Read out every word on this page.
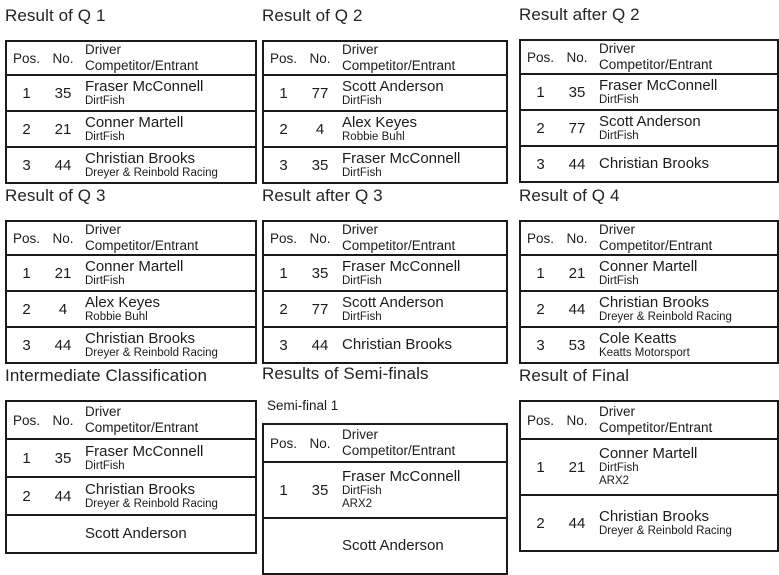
Result of Q 1
Pos.	No.	Driver
Competitor/Entrant

1	35	Fraser McConnell
DirtFish

2	21	Conner Martell
DirtFish

3	44	Christian Brooks
Dreyer & Reinbold Racing
Result of Q 2
Pos.	No.	Driver
Competitor/Entrant

1	77	Scott Anderson
DirtFish

2	4	Alex Keyes
Robbie Buhl

3	35	Fraser McConnell
DirtFish
Result after Q 2
Pos.	No.	Driver
Competitor/Entrant

1	35	Fraser McConnell
DirtFish

2	77	Scott Anderson
DirtFish

3	44	Christian Brooks
Result of Q 3
Pos.	No.	Driver
Competitor/Entrant

1	21	Conner Martell
DirtFish

2	4	Alex Keyes
Robbie Buhl

3	44	Christian Brooks
Dreyer & Reinbold Racing
Result after Q 3
Pos.	No.	Driver
Competitor/Entrant

1	35	Fraser McConnell
DirtFish

2	77	Scott Anderson
DirtFish

3	44	Christian Brooks
Result of Q 4
Pos.	No.	Driver
Competitor/Entrant

1	21	Conner Martell
DirtFish

2	44	Christian Brooks
Dreyer & Reinbold Racing

3	53	Cole Keatts
Keatts Motorsport
Intermediate Classification
Pos.	No.	Driver
Competitor/Entrant

1	35	Fraser McConnell
DirtFish

2	44	Christian Brooks
Dreyer & Reinbold Racing

		Scott Anderson
Results of Semi-finals
Semi-final 1
Pos.	No.	Driver
Competitor/Entrant

1	35	Fraser McConnell
DirtFish
ARX2

		Scott Anderson
Result of Final
Pos.	No.	Driver
Competitor/Entrant

1	21	Conner Martell
DirtFish
ARX2

2	44	Christian Brooks
Dreyer & Reinbold Racing
